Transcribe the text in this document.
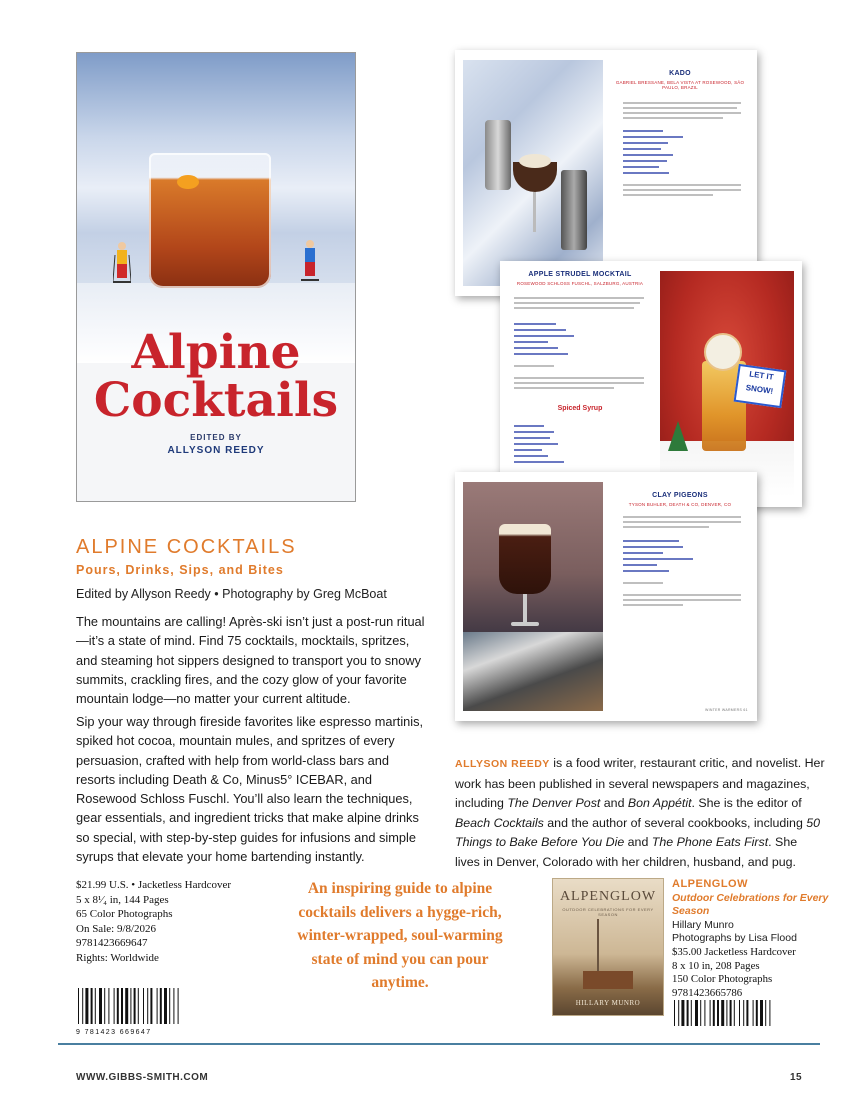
Alpine
Cocktails
EDITED BY
ALLYSON REEDY
KADO
GABRIEL BRESSANE, BELA VISTA AT ROSEWOOD, SÃO PAULO, BRAZIL
APPLE STRUDEL MOCKTAIL
ROSEWOOD SCHLOSS FUSCHL, SALZBURG, AUSTRIA
Spiced Syrup
LET IT SNOW!
CLAY PIGEONS
TYSON BUHLER, DEATH & CO, DENVER, CO
WINTER WARMERS 61
ALPINE COCKTAILS
Pours, Drinks, Sips, and Bites
Edited by Allyson Reedy • Photography by Greg McBoat
The mountains are calling! Après-ski isn’t just a post-run ritual—it’s a state of mind. Find 75 cocktails, mocktails, spritzes, and steaming hot sippers designed to transport you to snowy summits, crackling fires, and the cozy glow of your favorite mountain lodge—no matter your current altitude.
Sip your way through fireside favorites like espresso martinis, spiked hot cocoa, mountain mules, and spritzes of every persuasion, crafted with help from world-class bars and resorts including Death & Co, Minus5° ICEBAR, and Rosewood Schloss Fuschl. You’ll also learn the techniques, gear essentials, and ingredient tricks that make alpine drinks so special, with step-by-step guides for infusions and simple syrups that elevate your home bartending instantly.
ALLYSON REEDY is a food writer, restaurant critic, and novelist. Her work has been published in several newspapers and magazines, including The Denver Post and Bon Appétit. She is the editor of Beach Cocktails and the author of several cookbooks, including 50 Things to Bake Before You Die and The Phone Eats First. She lives in Denver, Colorado with her children, husband, and pug.
$21.99 U.S. • Jacketless Hardcover
5 x 8¹⁄₄ in, 144 Pages
65 Color Photographs
On Sale: 9/8/2026
9781423669647
Rights: Worldwide
9 781423 669647
An inspiring guide to alpine cocktails delivers a hygge-rich, winter-wrapped, soul-warming state of mind you can pour anytime.
ALPENGLOW
OUTDOOR CELEBRATIONS FOR EVERY SEASON
HILLARY MUNRO
ALPENGLOW
Outdoor Celebrations for Every Season
Hillary Munro
Photographs by Lisa Flood
$35.00 Jacketless Hardcover
8 x 10 in, 208 Pages
150 Color Photographs
9781423665786
WWW.GIBBS-SMITH.COM	15
